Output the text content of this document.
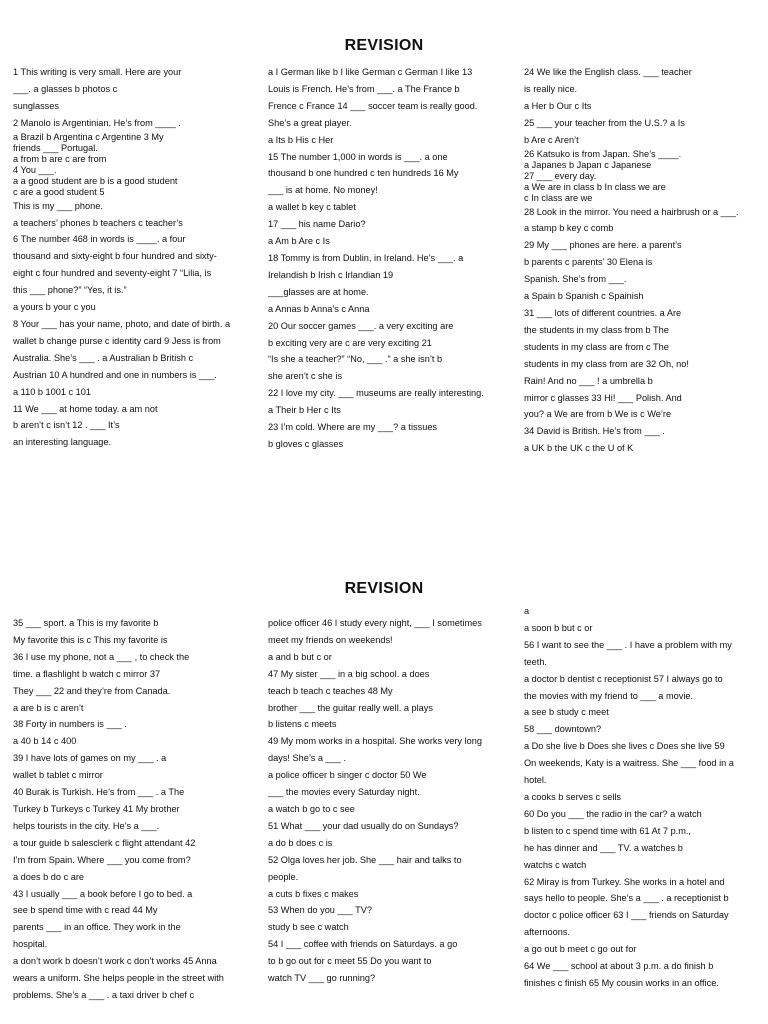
REVISION

1 This writing is very small. Here are your

___. a glasses b photos c

sunglasses

2 Manolo is Argentinian. He’s from ____ .

a Brazil b Argentina c Argentine 3 My

friends ___ Portugal.

a from b are c are from

4 You ___.

a a good student are b is a good student

c are a good student 5

This is my ___ phone.

a teachers’ phones b teachers c teacher’s

6 The number 468 in words is ____. a four

thousand and sixty-eight b four hundred and sixty-

eight c four hundred and seventy-eight 7 “Lilia, is

this ___ phone?” “Yes, it is.”

a yours b your c you

8 Your ___ has your name, photo, and date of birth. a

wallet b change purse c identity card 9 Jess is from

Australia. She’s ___ . a Australian b British c

Austrian 10 A hundred and one in numbers is ___.

a 110 b 1001 c 101

11 We ___ at home today. a am not

b aren’t c isn’t 12 . ___ It’s

an interesting language.

a I German like b I like German c German I like 13

Louis is French. He’s from ___. a The France b

Frence c France 14 ___ soccer team is really good.

She’s a great player.

a Its b His c Her

15 The number 1,000 in words is ___. a one

thousand b one hundred c ten hundreds 16 My

___ is at home. No money!

a wallet b key c tablet

17 ___ his name Dario?

a Am b Are c Is

18 Tommy is from Dublin, in Ireland. He’s ___. a

Irelandish b Irish c Irlandian 19

___glasses are at home.

a Annas b Anna’s c Anna

20 Our soccer games ___. a very exciting are

b exciting very are c are very exciting 21

“Is she a teacher?” “No, ___ .” a she isn’t b

she aren’t c she is

22 I love my city. ___ museums are really interesting.

a Their b Her c Its

23 I’m cold. Where are my ___? a tissues

b gloves c glasses

24 We like the English class. ___ teacher

is really nice.

a Her b Our c Its

25 ___ your teacher from the U.S.? a Is

b Are c Aren’t

26 Katsuko is from Japan. She’s ____.

a Japanes b Japan c Japanese

27 ___ every day.

a We are in class b In class we are

c In class are we

28 Look in the mirror. You need a hairbrush or a ___.

a stamp b key c comb

29 My ___ phones are here. a parent’s

b parents c parents’ 30 Elena is

Spanish. She’s from ___.

a Spain b Spanish c Spainish

31 ___ lots of different countries. a Are

the students in my class from b The

students in my class are from c The

students in my class from are 32 Oh, no!

Rain! And no ___ ! a umbrella b

mirror c glasses 33 Hi! ___ Polish. And

you? a We are from b We is c We’re

34 David is British. He’s from ___ .

a UK b the UK c the U of K

REVISION

35 ___ sport. a This is my favorite b

My favorite this is c This my favorite is

36 I use my phone, not a ___ , to check the

time. a flashlight b watch c mirror 37

They ___ 22 and they’re from Canada.

a are b is c aren’t

38 Forty in numbers is ___ .

a 40 b 14 c 400

39 I have lots of games on my ___ . a

wallet b tablet c mirror

40 Burak is Turkish. He’s from ___ . a The

Turkey b Turkeys c Turkey 41 My brother

helps tourists in the city. He’s a ___.

a tour guide b salesclerk c flight attendant 42

I’m from Spain. Where ___ you come from?

a does b do c are

43 I usually ___ a book before I go to bed. a

see b spend time with c read 44 My

parents ___ in an office. They work in the

hospital.

a don’t work b doesn’t work c don’t works 45 Anna

wears a uniform. She helps people in the street with

problems. She’s a ___ . a taxi driver b chef c

police officer 46 I study every night, ___ I sometimes

meet my friends on weekends!

a and b but c or

47 My sister ___ in a big school. a does

teach b teach c teaches 48 My

brother ___ the guitar really well. a plays

b listens c meets

49 My mom works in a hospital. She works very long

days! She’s a ___ .

a police officer b singer c doctor 50 We

___ the movies every Saturday night.

a watch b go to c see

51 What ___ your dad usually do on Sundays?

a do b does c is

52 Olga loves her job. She ___ hair and talks to

people.

a cuts b fixes c makes

53 When do you ___ TV?

study b see c watch

54 I ___ coffee with friends on Saturdays. a go

to b go out for c meet 55 Do you want to

watch TV ___ go running?

a

a soon b but c or

56 I want to see the ___ . I have a problem with my

teeth.

a doctor b dentist c receptionist 57 I always go to

the movies with my friend to ___ a movie.

a see b study c meet

58 ___ downtown?

a Do she live b Does she lives c Does she live 59

On weekends, Katy is a waitress. She ___ food in a

hotel.

a cooks b serves c sells

60 Do you ___ the radio in the car? a watch

b listen to c spend time with 61 At 7 p.m.,

he has dinner and ___ TV. a watches b

watchs c watch

62 Miray is from Turkey. She works in a hotel and

says hello to people. She’s a ___ . a receptionist b

doctor c police officer 63 I ___ friends on Saturday

afternoons.

a go out b meet c go out for

64 We ___ school at about 3 p.m. a do finish b

finishes c finish 65 My cousin works in an office.
